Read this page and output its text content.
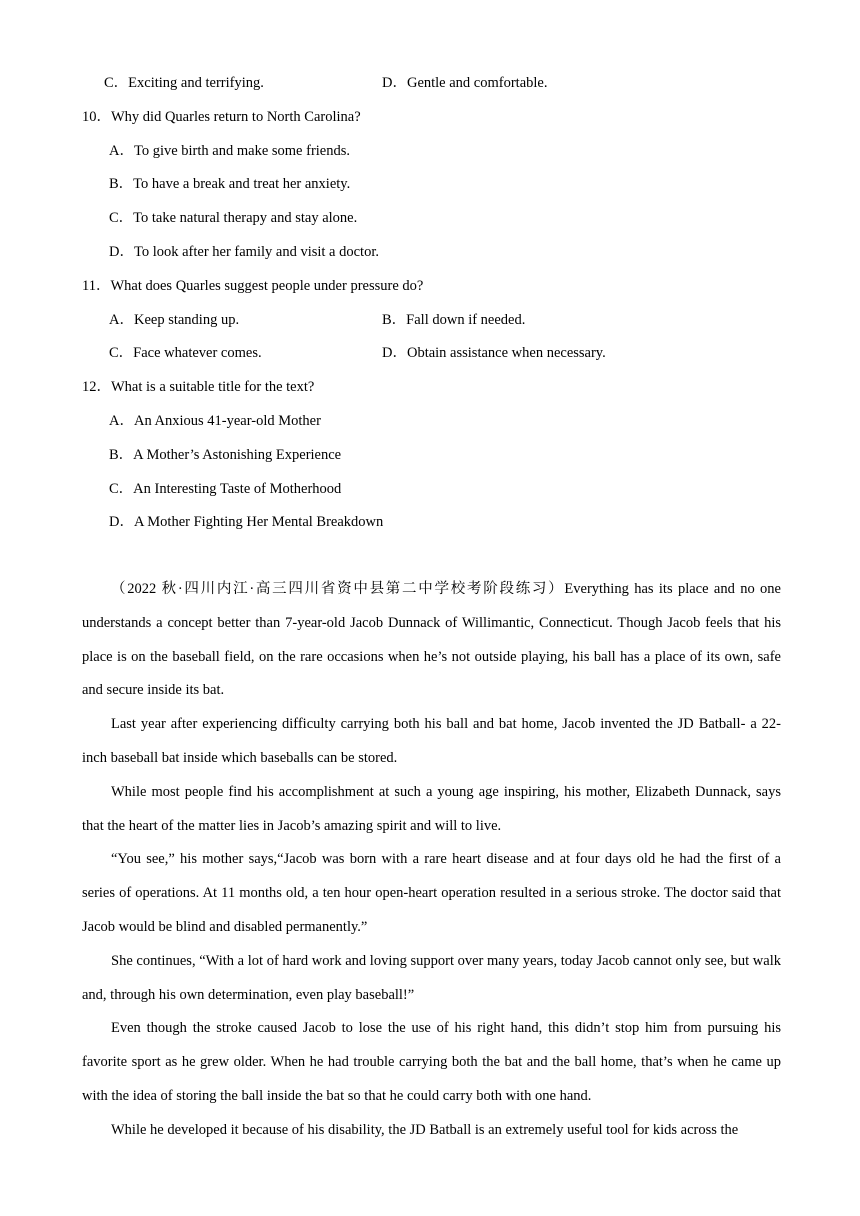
C．Exciting and terrifying.	D．Gentle and comfortable.
10．Why did Quarles return to North Carolina?
A．To give birth and make some friends.
B．To have a break and treat her anxiety.
C．To take natural therapy and stay alone.
D．To look after her family and visit a doctor.
11．What does Quarles suggest people under pressure do?
A．Keep standing up.	B．Fall down if needed.
C．Face whatever comes.	D．Obtain assistance when necessary.
12．What is a suitable title for the text?
A．An Anxious 41-year-old Mother
B．A Mother’s Astonishing Experience
C．An Interesting Taste of Motherhood
D．A Mother Fighting Her Mental Breakdown
（2022 秋·四川内江·高三四川省资中县第二中学校考阶段练习）Everything has its place and no one understands a concept better than 7-year-old Jacob Dunnack of Willimantic, Connecticut. Though Jacob feels that his place is on the baseball field, on the rare occasions when he’s not outside playing, his ball has a place of its own, safe and secure inside its bat.
Last year after experiencing difficulty carrying both his ball and bat home, Jacob invented the JD Batball- a 22-inch baseball bat inside which baseballs can be stored.
While most people find his accomplishment at such a young age inspiring, his mother, Elizabeth Dunnack, says that the heart of the matter lies in Jacob’s amazing spirit and will to live.
“You see,” his mother says,“Jacob was born with a rare heart disease and at four days old he had the first of a series of operations. At 11 months old, a ten hour open-heart operation resulted in a serious stroke. The doctor said that Jacob would be blind and disabled permanently.”
She continues, “With a lot of hard work and loving support over many years, today Jacob cannot only see, but walk and, through his own determination, even play baseball!”
Even though the stroke caused Jacob to lose the use of his right hand, this didn’t stop him from pursuing his favorite sport as he grew older. When he had trouble carrying both the bat and the ball home, that’s when he came up with the idea of storing the ball inside the bat so that he could carry both with one hand.
While he developed it because of his disability, the JD Batball is an extremely useful tool for kids across the
